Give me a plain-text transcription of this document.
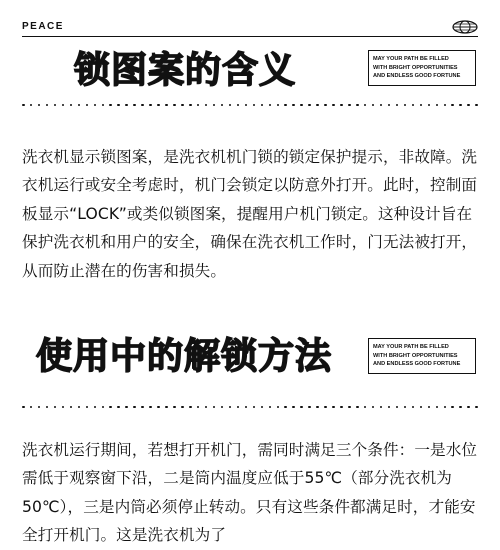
PEACE
锁图案的含义	MAY YOUR PATH BE FILLED
WITH BRIGHT OPPORTUNITIES
AND ENDLESS GOOD FORTUNE

洗衣机显示锁图案，是洗衣机机门锁的锁定保护提示，非故障。洗衣机运行或安全考虑时，机门会锁定以防意外打开。此时，控制面板显示“LOCK”或类似锁图案，提醒用户机门锁定。这种设计旨在保护洗衣机和用户的安全，确保在洗衣机工作时，门无法被打开，从而防止潜在的伤害和损失。

使用中的解锁方法	MAY YOUR PATH BE FILLED
WITH BRIGHT OPPORTUNITIES
AND ENDLESS GOOD FORTUNE

洗衣机运行期间，若想打开机门，需同时满足三个条件：一是水位需低于观察窗下沿，二是筒内温度应低于55℃（部分洗衣机为50℃），三是内筒必须停止转动。只有这些条件都满足时，才能安全打开机门。这是洗衣机为了
